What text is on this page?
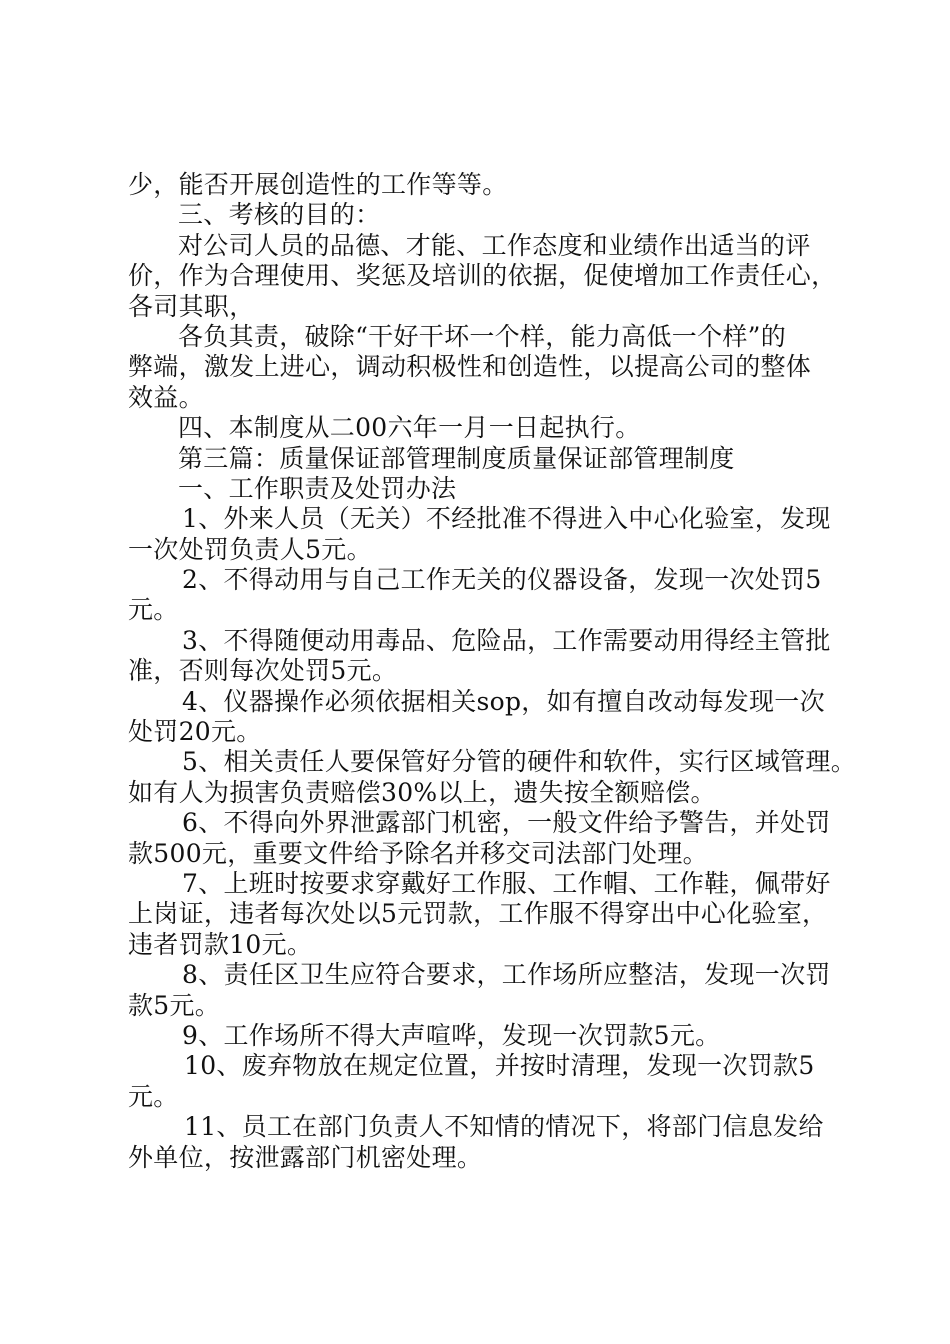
少，能否开展创造性的工作等等。
三、考核的目的：
对公司人员的品德、才能、工作态度和业绩作出适当的评
价，作为合理使用、奖惩及培训的依据，促使增加工作责任心，
各司其职，
各负其责，破除“干好干坏一个样，能力高低一个样”的
弊端，激发上进心，调动积极性和创造性，以提高公司的整体
效益。
四、本制度从二00六年一月一日起执行。
第三篇：质量保证部管理制度质量保证部管理制度
一、工作职责及处罚办法
1、外来人员（无关）不经批准不得进入中心化验室，发现
一次处罚负责人5元。
2、不得动用与自己工作无关的仪器设备，发现一次处罚5
元。
3、不得随便动用毒品、危险品，工作需要动用得经主管批
准，否则每次处罚5元。
4、仪器操作必须依据相关sop，如有擅自改动每发现一次
处罚20元。
5、相关责任人要保管好分管的硬件和软件，实行区域管理。
如有人为损害负责赔偿30%以上，遗失按全额赔偿。
6、不得向外界泄露部门机密，一般文件给予警告，并处罚
款500元，重要文件给予除名并移交司法部门处理。
7、上班时按要求穿戴好工作服、工作帽、工作鞋，佩带好
上岗证，违者每次处以5元罚款，工作服不得穿出中心化验室，
违者罚款10元。
8、责任区卫生应符合要求，工作场所应整洁，发现一次罚
款5元。
9、工作场所不得大声喧哗，发现一次罚款5元。
10、废弃物放在规定位置，并按时清理，发现一次罚款5
元。
11、员工在部门负责人不知情的情况下，将部门信息发给
外单位，按泄露部门机密处理。
